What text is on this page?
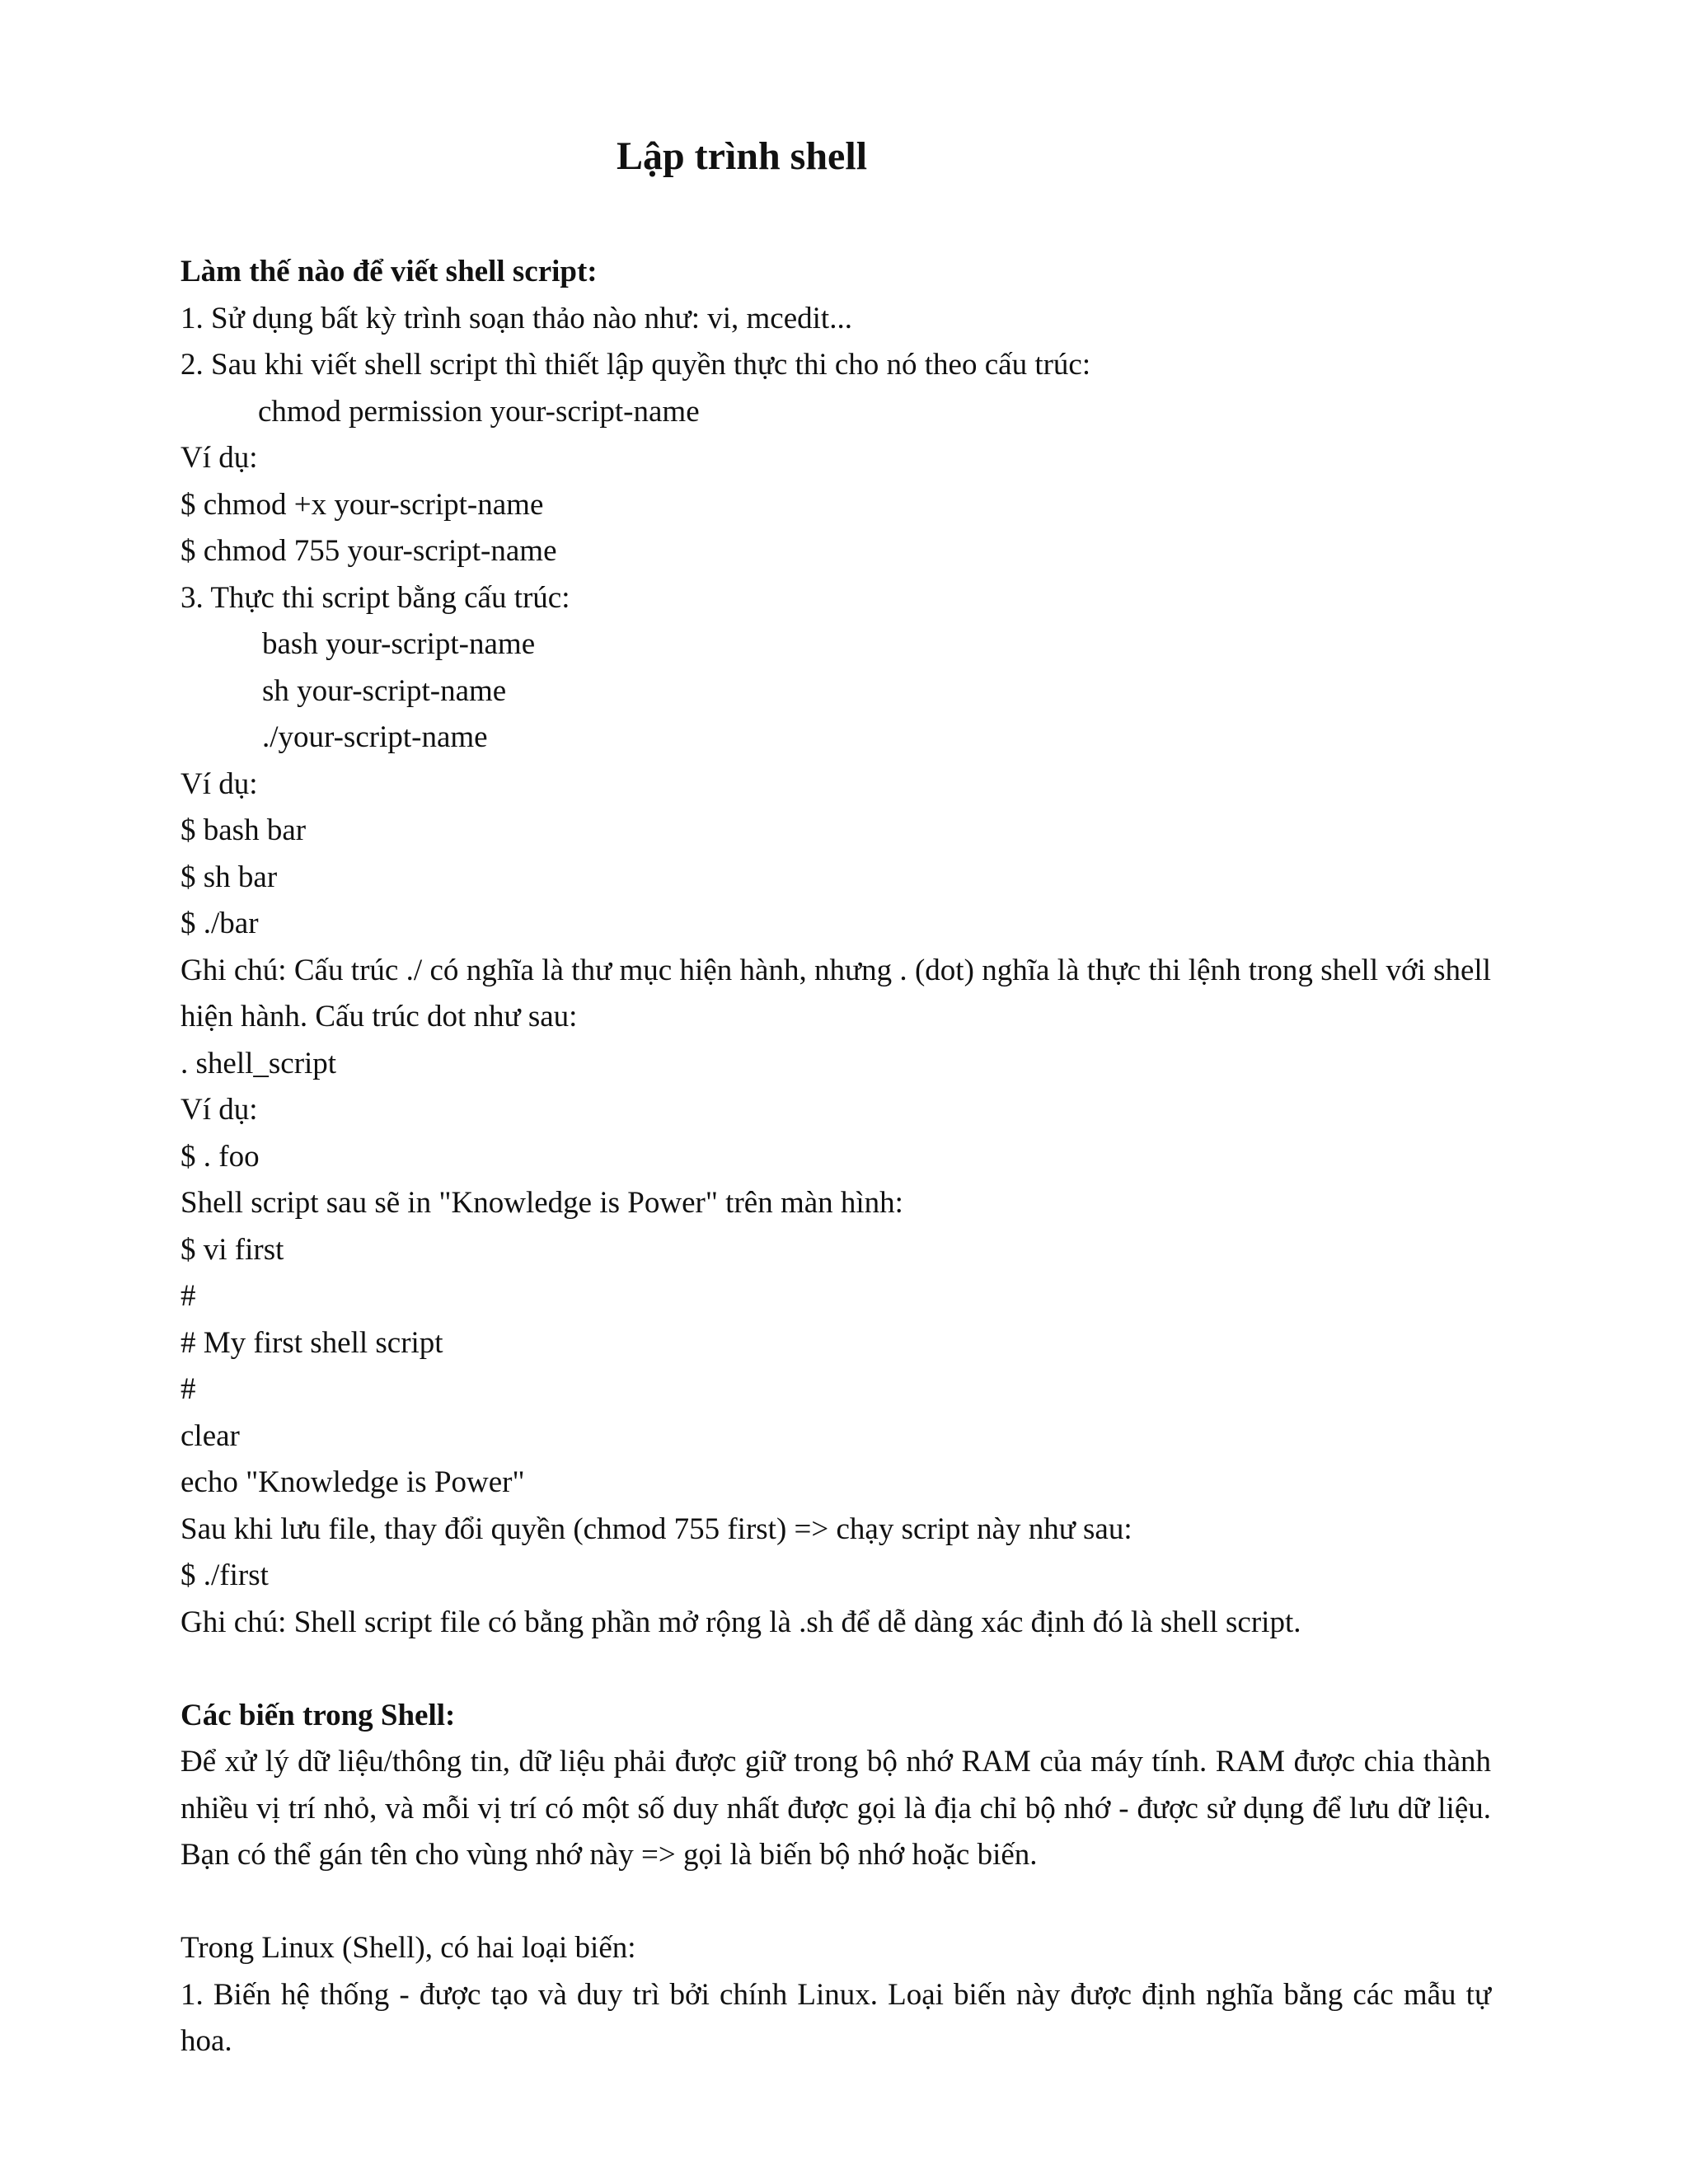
Lập trình shell
Làm thế nào để viết shell script:
1. Sử dụng bất kỳ trình soạn thảo nào như: vi, mcedit...
2. Sau khi viết shell script thì thiết lập quyền thực thi cho nó theo cấu trúc:
chmod permission your-script-name
Ví dụ:
$ chmod +x your-script-name
$ chmod 755 your-script-name
3. Thực thi script bằng cấu trúc:
bash your-script-name
sh your-script-name
./your-script-name
Ví dụ:
$ bash bar
$ sh bar
$ ./bar
Ghi chú: Cấu trúc ./ có nghĩa là thư mục hiện hành, nhưng . (dot) nghĩa là thực thi lệnh trong shell với shell hiện hành. Cấu trúc dot như sau:
. shell_script
Ví dụ:
$ . foo
Shell script sau sẽ in "Knowledge is Power" trên màn hình:
$ vi first
#
# My first shell script
#
clear
echo "Knowledge is Power"
Sau khi lưu file, thay đổi quyền (chmod 755 first) => chạy script này như sau:
$ ./first
Ghi chú: Shell script file có bằng phần mở rộng là .sh để dễ dàng xác định đó là shell script.
Các biến trong Shell:
Để xử lý dữ liệu/thông tin, dữ liệu phải được giữ trong bộ nhớ RAM của máy tính. RAM được chia thành nhiều vị trí nhỏ, và mỗi vị trí có một số duy nhất được gọi là địa chỉ bộ nhớ - được sử dụng để lưu dữ liệu. Bạn có thể gán tên cho vùng nhớ này => gọi là biến bộ nhớ hoặc biến.
Trong Linux (Shell), có hai loại biến:
1. Biến hệ thống - được tạo và duy trì bởi chính Linux. Loại biến này được định nghĩa bằng các mẫu tự hoa.
